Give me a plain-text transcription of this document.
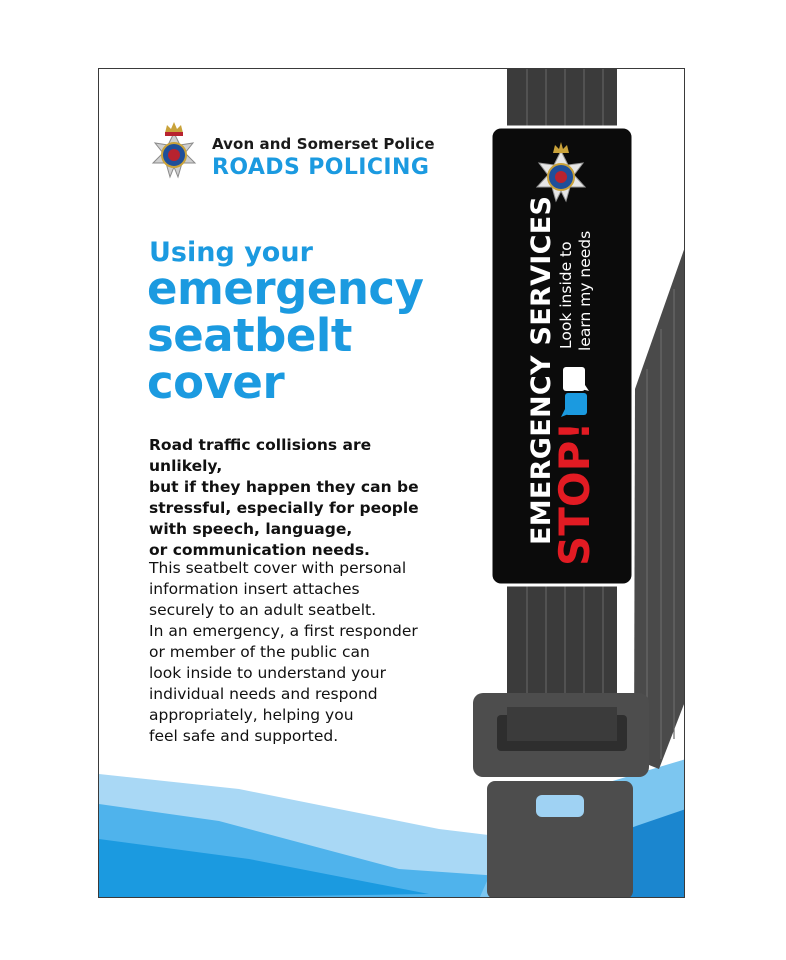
Avon and Somerset Police
ROADS POLICING
Using your
emergency seatbelt cover
Road traffic collisions are unlikely,
but if they happen they can be
stressful, especially for people
with speech, language,
or communication needs.
This seatbelt cover with personal
information insert attaches
securely to an adult seatbelt.
In an emergency, a first responder
or member of the public can
look inside to understand your
individual needs and respond
appropriately, helping you
feel safe and supported.
EMERGENCY SERVICES
STOP!
Look inside to learn my needs
